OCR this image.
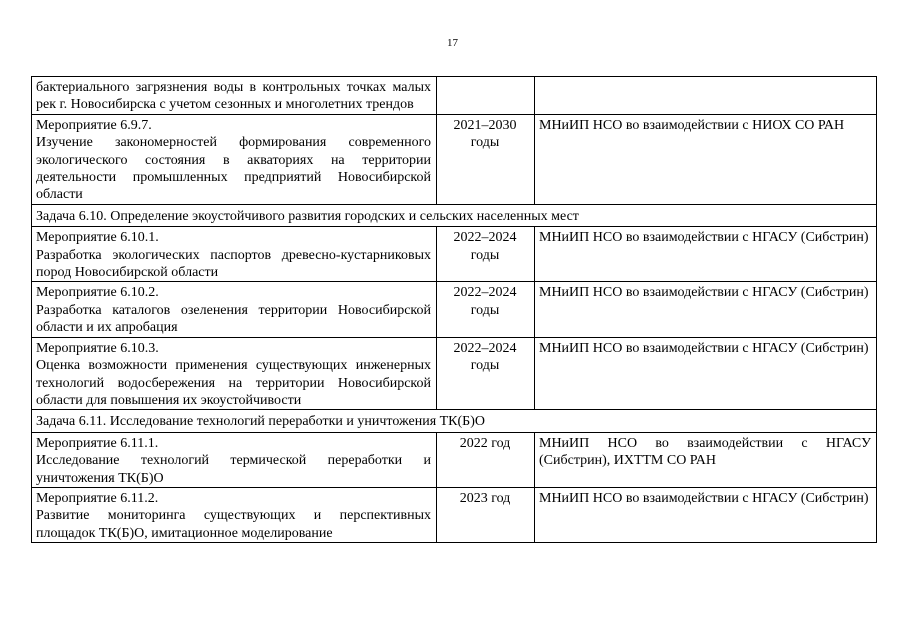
17
бактериального загрязнения воды в контрольных точках малых рек г. Новосибирска с учетом сезонных и многолетних трендов		

Мероприятие 6.9.7.
Изучение закономерностей формирования современного экологического состояния в акваториях на территории деятельности промышленных предприятий Новосибирской области	2021–2030 годы	МНиИП НСО во взаимодействии с НИОХ СО РАН
Задача 6.10. Определение экоустойчивого развития городских и сельских населенных мест		

Мероприятие 6.10.1.
Разработка экологических паспортов древесно-кустарниковых пород Новосибирской области	2022–2024 годы	МНиИП НСО во взаимодействии с НГАСУ (Сибстрин)

Мероприятие 6.10.2.
Разработка каталогов озеленения территории Новосибирской области и их апробация	2022–2024 годы	МНиИП НСО во взаимодействии с НГАСУ (Сибстрин)

Мероприятие 6.10.3.
Оценка возможности применения существующих инженерных технологий водосбережения на территории Новосибирской области для повышения их экоустойчивости	2022–2024 годы	МНиИП НСО во взаимодействии с НГАСУ (Сибстрин)
Задача 6.11. Исследование технологий переработки и уничтожения ТК(Б)О		

Мероприятие 6.11.1.
Исследование технологий термической переработки и уничтожения ТК(Б)О	2022 год	МНиИП НСО во взаимодействии с НГАСУ (Сибстрин), ИХТТМ СО РАН

Мероприятие 6.11.2.
Развитие мониторинга существующих и перспективных площадок ТК(Б)О, имитационное моделирование	2023 год	МНиИП НСО во взаимодействии с НГАСУ (Сибстрин)
